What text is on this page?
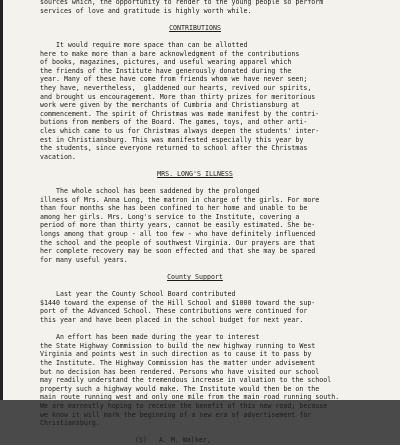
sources which, the opportunity to render to the young people so perform
services of love and gratitude is highly worth while.
CONTRIBUTIONS
It would require more space than can be allotted
here to make more than a bare acknowledgment of the contributions
of books, magazines, pictures, and useful wearing apparel which
the friends of the Institute have generously donated during the
year. Many of these have come from friends whom we have never seen;
they have, nevertheless,  gladdened our hearts, revived our spirits,
and brought us encouragement. More than thirty prizes for meritorious
work were given by the merchants of Cumbria and Christiansburg at
commencement. The spirit of Christmas was made manifest by the contri-
butions from members of the Board. The games, toys, and other arti-
cles which came to us for Christmas always deepen the students' inter-
est in Christiansburg. This was manifested especially this year by
the students, since everyone returned to school after the Christmas
vacation.
MRS. LONG'S ILLNESS
The whole school has been saddened by the prolonged
illness of Mrs. Anna Long, the matron in charge of the girls. For more
than four months she has been confined to her home and unable to be
among her girls. Mrs. Long's service to the Institute, covering a
period of more than thirty years, cannot be easily estimated. She be-
longs among that group - all too few - who have definitely influenced
the school and the people of southwest Virginia. Our prayers are that
her complete recovery may be soon effected and that she may be spared
for many useful years.
County Support
Last year the County School Board contributed
$1440 toward the expense of the Hill School and $1000 toward the sup-
port of the Advanced School. These contributions were continued for
this year and have been placed in the school budget for next year.
An effort has been made during the year to interest
the State Highway Commission to build the new highway running to West
Virginia and points west in such direction as to cause it to pass by
the Institute. The Highway Commission has the matter under advisement
but no decision has been rendered. Persons who have visited our school
may readily understand the tremendous increase in valuation to the school
property such a highway would make. The Institute would then be on the
main route running west and only one mile from the main road running south.
We are earnestly hoping to receive the benefit of this new road; because
we know it will mark the beginning of a new era of advertisement for
Christiansburg.
(S)   A. M. Walker,
